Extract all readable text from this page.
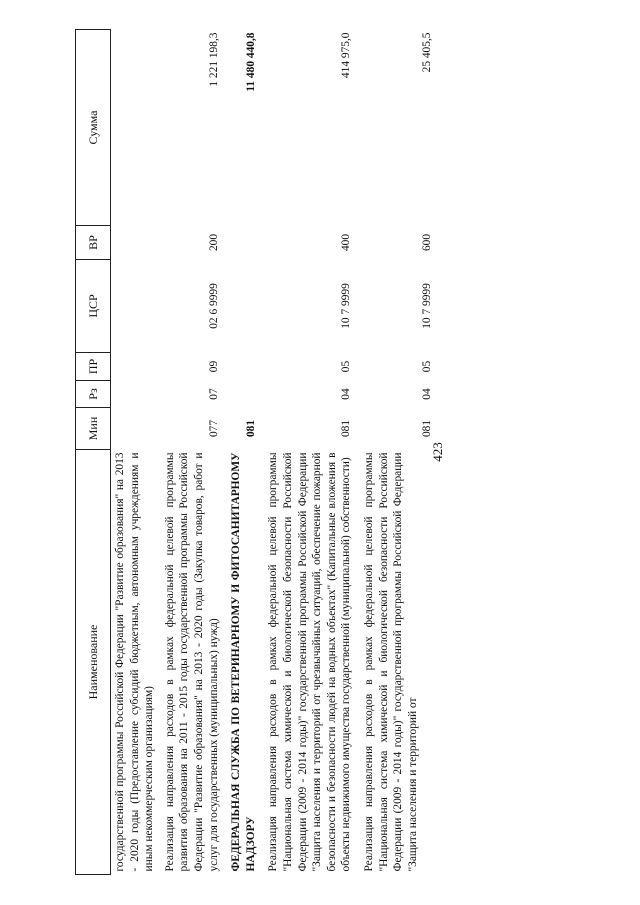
423
Наименование	Мин	Рз	ПР	ЦСР	ВР	Сумма
государственной программы Российской Федерации "Развитие образования" на 2013 - 2020 годы (Предоставление субсидий бюджетным, автономным учреждениям и иным некоммерческим организациям)						
Реализация направления расходов в рамках федеральной целевой программы развития образования на 2011 - 2015 годы государственной программы Российской Федерации "Развитие образования" на 2013 - 2020 годы (Закупка товаров, работ и услуг для государственных (муниципальных) нужд)	077	07	09	02 6 9999	200	1 221 198,3
ФЕДЕРАЛЬНАЯ СЛУЖБА ПО ВЕТЕРИНАРНОМУ И ФИТОСАНИТАРНОМУ НАДЗОРУ	081					11 480 440,8
Реализация направления расходов в рамках федеральной целевой программы "Национальная система химической и биологической безопасности Российской Федерации (2009 - 2014 годы)" государственной программы Российской Федерации "Защита населения и территорий от чрезвычайных ситуаций, обеспечение пожарной безопасности и безопасности людей на водных объектах" (Капитальные вложения в объекты недвижимого имущества государственной (муниципальной) собственности)	081	04	05	10 7 9999	400	414 975,0

Реализация направления расходов в рамках федеральной целевой программы "Национальная система химической и биологической безопасности Российской Федерации (2009 - 2014 годы)" государственной программы Российской Федерации "Защита населения и территорий от	081	04	05	10 7 9999	600	25 405,5
